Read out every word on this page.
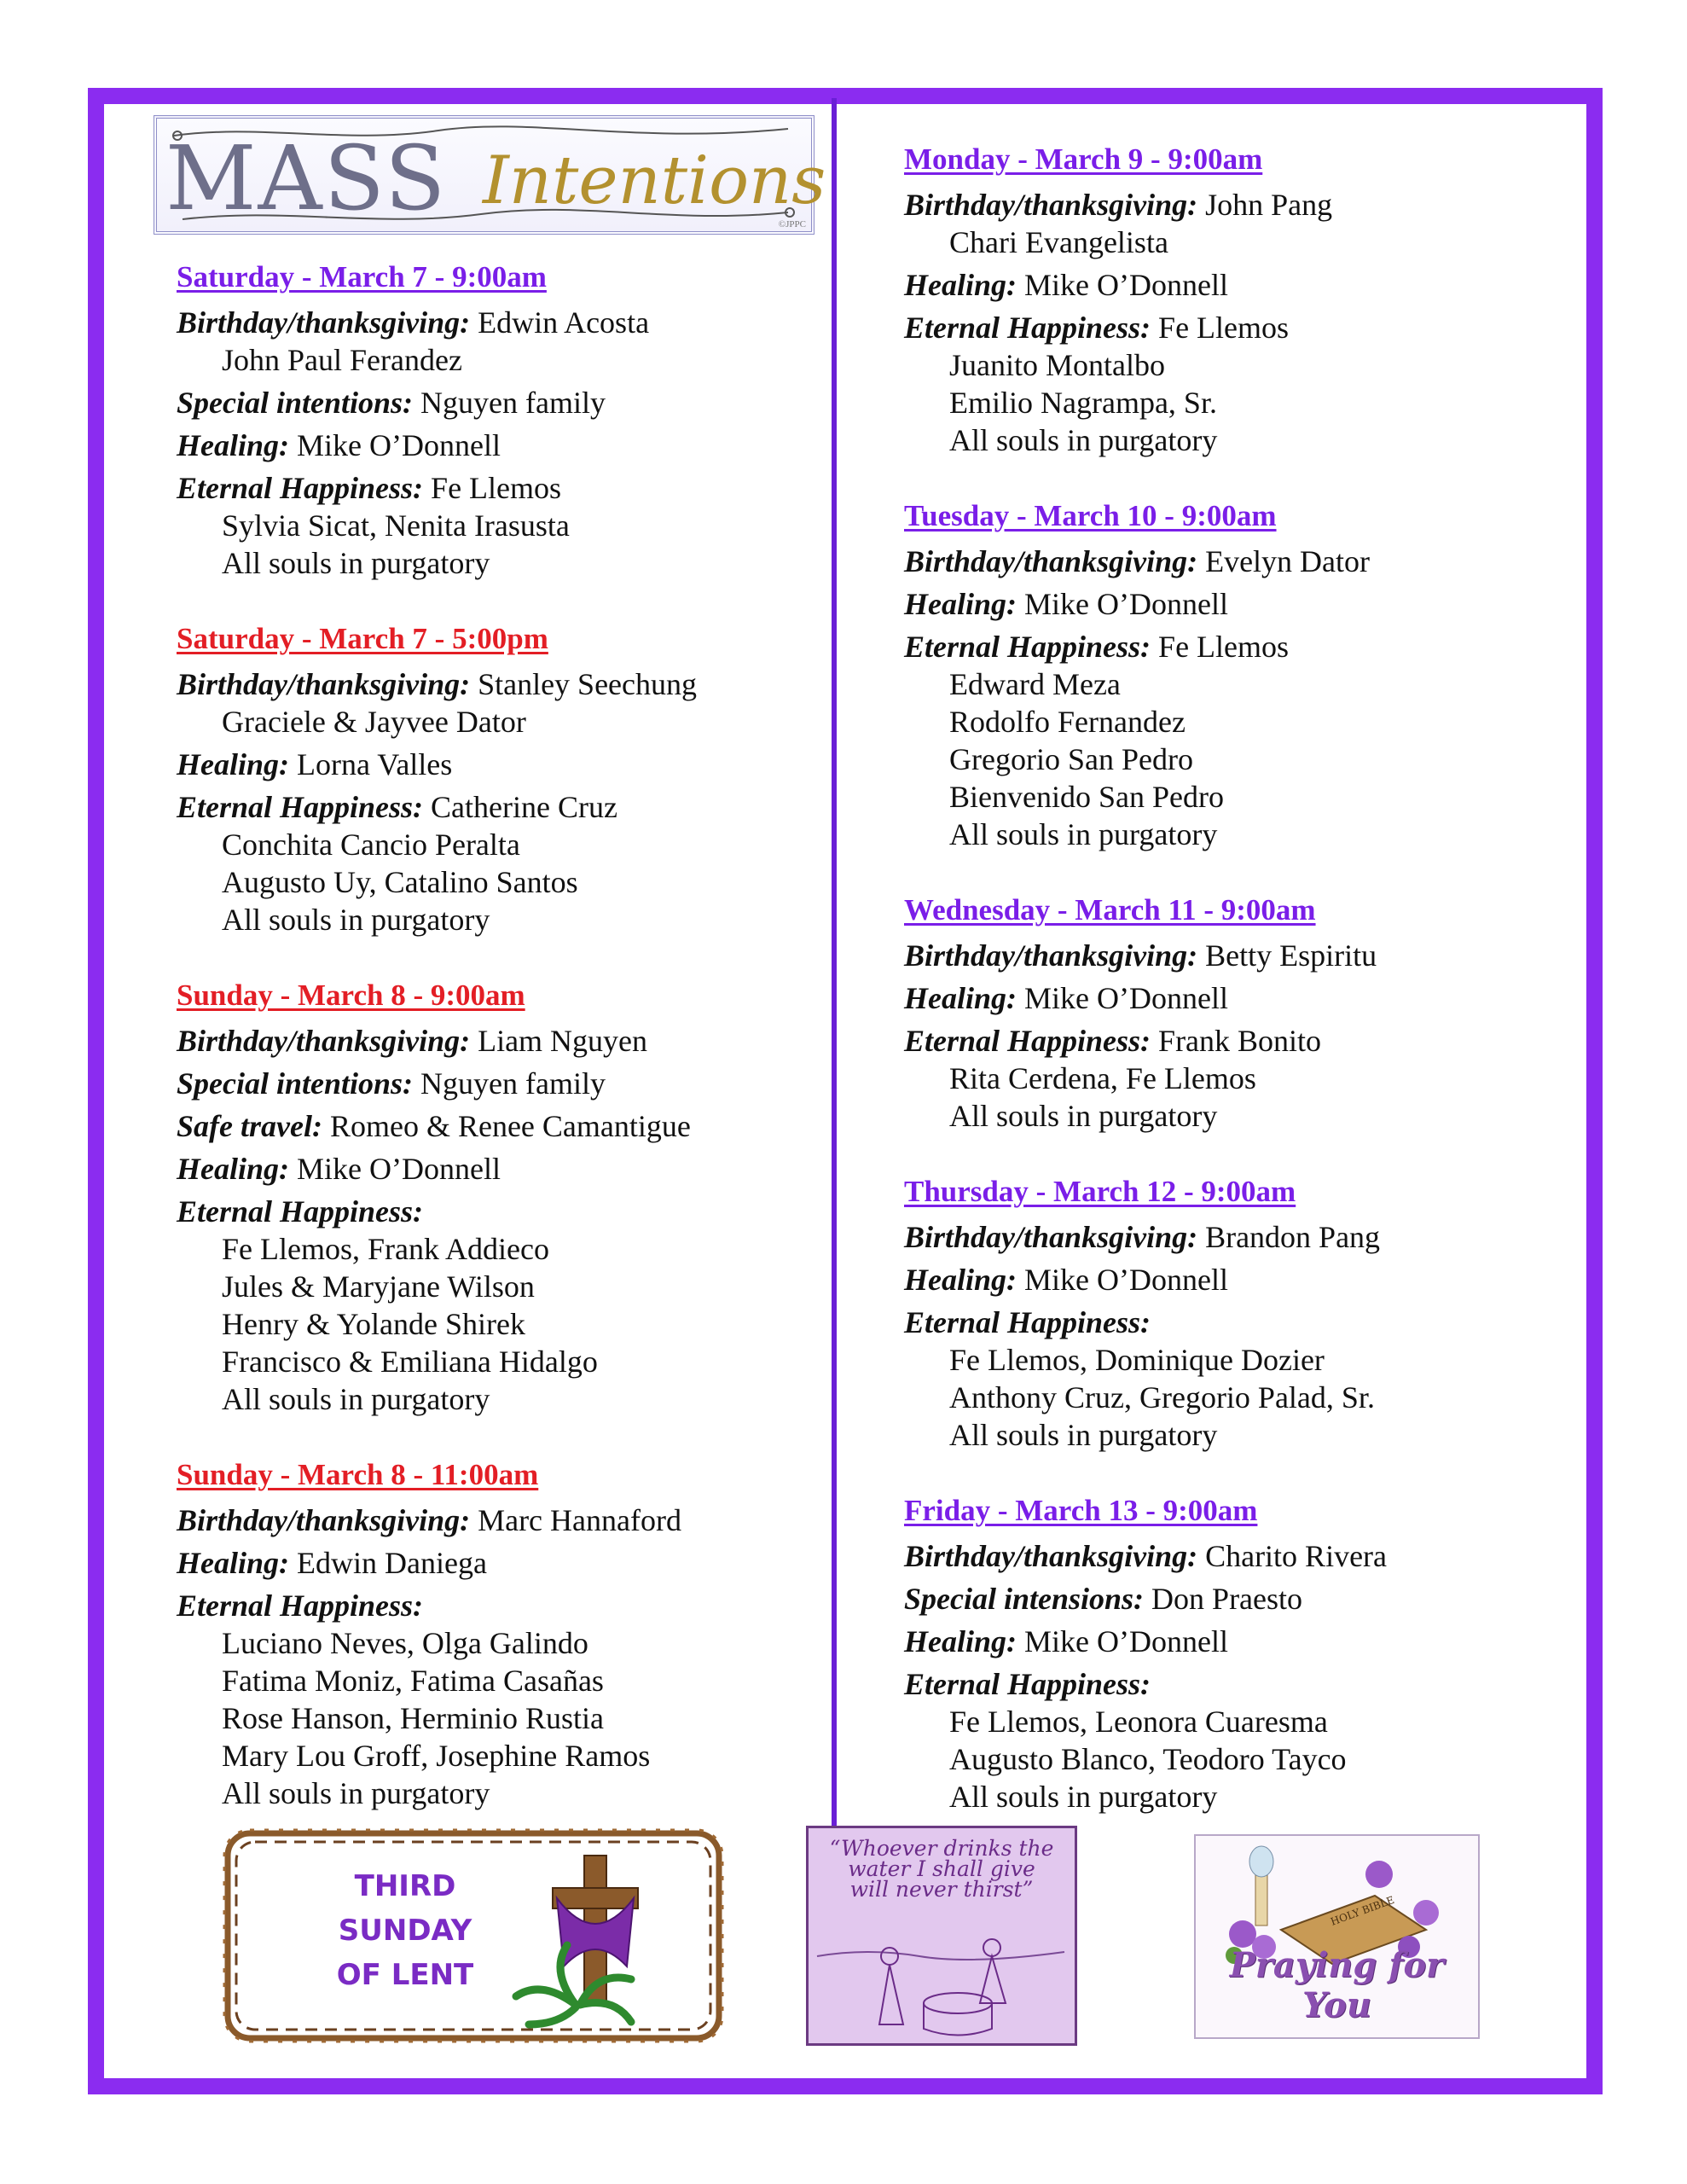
MASS Intentions
©JPPC
Saturday - March 7 - 9:00am
Birthday/thanksgiving: Edwin Acosta
John Paul Ferandez
Special intentions: Nguyen family
Healing: Mike O’Donnell
Eternal Happiness: Fe Llemos
Sylvia Sicat, Nenita Irasusta
All souls in purgatory
Saturday - March 7 - 5:00pm
Birthday/thanksgiving: Stanley Seechung
Graciele & Jayvee Dator
Healing: Lorna Valles
Eternal Happiness: Catherine Cruz
Conchita Cancio Peralta
Augusto Uy, Catalino Santos
All souls in purgatory
Sunday - March 8 - 9:00am
Birthday/thanksgiving: Liam Nguyen
Special intentions: Nguyen family
Safe travel: Romeo & Renee Camantigue
Healing: Mike O’Donnell
Eternal Happiness:
Fe Llemos, Frank Addieco
Jules & Maryjane Wilson
Henry & Yolande Shirek
Francisco & Emiliana Hidalgo
All souls in purgatory
Sunday - March 8 - 11:00am
Birthday/thanksgiving: Marc Hannaford
Healing: Edwin Daniega
Eternal Happiness:
Luciano Neves, Olga Galindo
Fatima Moniz, Fatima Casañas
Rose Hanson, Herminio Rustia
Mary Lou Groff, Josephine Ramos
All souls in purgatory
Monday - March 9 - 9:00am
Birthday/thanksgiving: John Pang
Chari Evangelista
Healing: Mike O’Donnell
Eternal Happiness: Fe Llemos
Juanito Montalbo
Emilio Nagrampa, Sr.
All souls in purgatory
Tuesday - March 10 - 9:00am
Birthday/thanksgiving: Evelyn Dator
Healing: Mike O’Donnell
Eternal Happiness: Fe Llemos
Edward Meza
Rodolfo Fernandez
Gregorio San Pedro
Bienvenido San Pedro
All souls in purgatory
Wednesday - March 11 - 9:00am
Birthday/thanksgiving: Betty Espiritu
Healing: Mike O’Donnell
Eternal Happiness: Frank Bonito
Rita Cerdena, Fe Llemos
All souls in purgatory
Thursday - March 12 - 9:00am
Birthday/thanksgiving: Brandon Pang
Healing: Mike O’Donnell
Eternal Happiness:
Fe Llemos, Dominique Dozier
Anthony Cruz, Gregorio Palad, Sr.
All souls in purgatory
Friday - March 13 - 9:00am
Birthday/thanksgiving: Charito Rivera
Special intensions: Don Praesto
Healing: Mike O’Donnell
Eternal Happiness:
Fe Llemos, Leonora Cuaresma
Augusto Blanco, Teodoro Tayco
All souls in purgatory
THIRD
SUNDAY
OF LENT
“Whoever drinks the
water I shall give
will never thirst”
HOLY BIBLE
Praying for You
